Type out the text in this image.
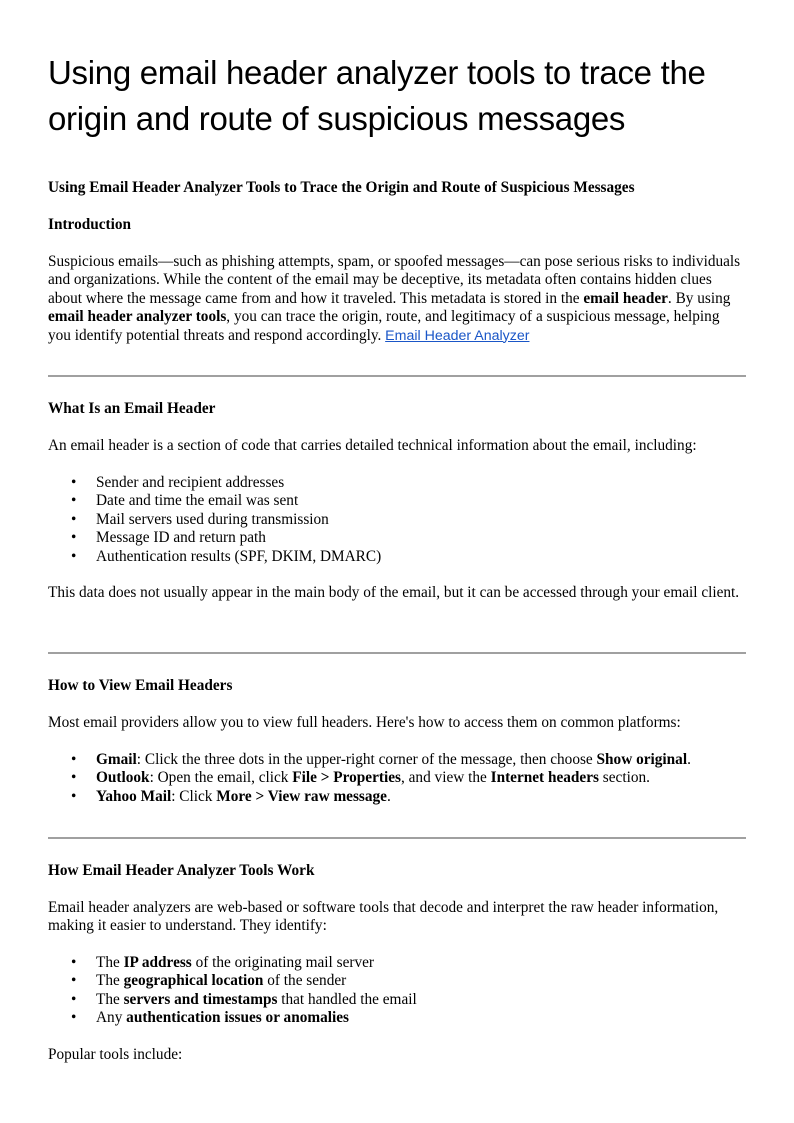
Using email header analyzer tools to trace the origin and route of suspicious messages
Using Email Header Analyzer Tools to Trace the Origin and Route of Suspicious Messages
Introduction

Suspicious emails—such as phishing attempts, spam, or spoofed messages—can pose serious risks to individuals and organizations. While the content of the email may be deceptive, its metadata often contains hidden clues about where the message came from and how it traveled. This metadata is stored in the email header. By using email header analyzer tools, you can trace the origin, route, and legitimacy of a suspicious message, helping you identify potential threats and respond accordingly. Email Header Analyzer

What Is an Email Header

An email header is a section of code that carries detailed technical information about the email, including:

• Sender and recipient addresses
• Date and time the email was sent
• Mail servers used during transmission
• Message ID and return path
• Authentication results (SPF, DKIM, DMARC)

This data does not usually appear in the main body of the email, but it can be accessed through your email client.

How to View Email Headers

Most email providers allow you to view full headers. Here's how to access them on common platforms:

• Gmail: Click the three dots in the upper-right corner of the message, then choose Show original.
• Outlook: Open the email, click File > Properties, and view the Internet headers section.
• Yahoo Mail: Click More > View raw message.
How Email Header Analyzer Tools Work

Email header analyzers are web-based or software tools that decode and interpret the raw header information, making it easier to understand. They identify:

• The IP address of the originating mail server
• The geographical location of the sender
• The servers and timestamps that handled the email
• Any authentication issues or anomalies

Popular tools include:
